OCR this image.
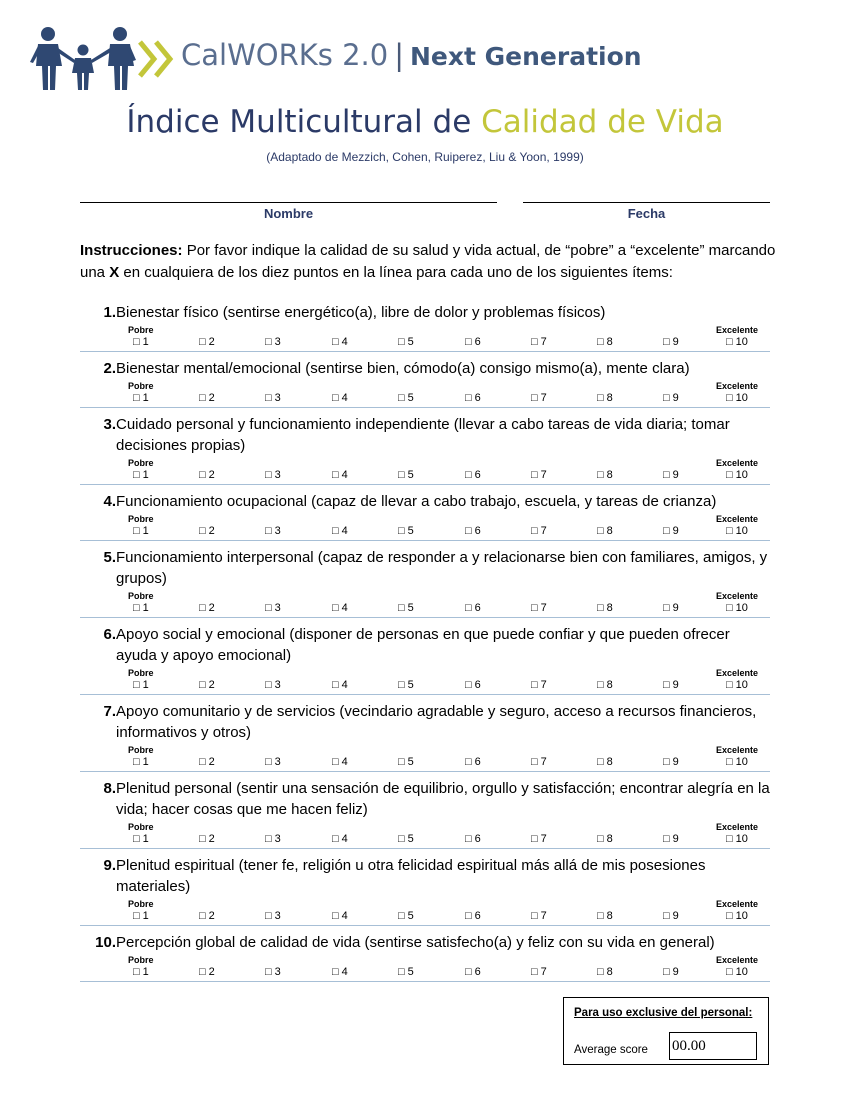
CalWORKs 2.0 | Next Generation
Índice Multicultural de Calidad de Vida
(Adaptado de Mezzich, Cohen, Ruiperez, Liu & Yoon, 1999)
Nombre	Fecha
Instrucciones: Por favor indique la calidad de su salud y vida actual, de “pobre” a “excelente” marcando una X en cualquiera de los diez puntos en la línea para cada uno de los siguientes ítems:
1. Bienestar físico (sentirse energético(a), libre de dolor y problemas físicos)
Pobre	Excelente
□ 1	□ 2	□ 3	□ 4	□ 5	□ 6	□ 7	□ 8	□ 9	□ 10
2. Bienestar mental/emocional (sentirse bien, cómodo(a) consigo mismo(a), mente clara)
Pobre	Excelente
□ 1	□ 2	□ 3	□ 4	□ 5	□ 6	□ 7	□ 8	□ 9	□ 10
3. Cuidado personal y funcionamiento independiente (llevar a cabo tareas de vida diaria; tomar decisiones propias)
Pobre	Excelente
□ 1	□ 2	□ 3	□ 4	□ 5	□ 6	□ 7	□ 8	□ 9	□ 10
4. Funcionamiento ocupacional (capaz de llevar a cabo trabajo, escuela, y tareas de crianza)
Pobre	Excelente
□ 1	□ 2	□ 3	□ 4	□ 5	□ 6	□ 7	□ 8	□ 9	□ 10
5. Funcionamiento interpersonal (capaz de responder a y relacionarse bien con familiares, amigos, y grupos)
Pobre	Excelente
□ 1	□ 2	□ 3	□ 4	□ 5	□ 6	□ 7	□ 8	□ 9	□ 10
6. Apoyo social y emocional (disponer de personas en que puede confiar y que pueden ofrecer ayuda y apoyo emocional)
Pobre	Excelente
□ 1	□ 2	□ 3	□ 4	□ 5	□ 6	□ 7	□ 8	□ 9	□ 10
7. Apoyo comunitario y de servicios (vecindario agradable y seguro, acceso a recursos financieros, informativos y otros)
Pobre	Excelente
□ 1	□ 2	□ 3	□ 4	□ 5	□ 6	□ 7	□ 8	□ 9	□ 10
8. Plenitud personal (sentir una sensación de equilibrio, orgullo y satisfacción; encontrar alegría en la vida; hacer cosas que me hacen feliz)
Pobre	Excelente
□ 1	□ 2	□ 3	□ 4	□ 5	□ 6	□ 7	□ 8	□ 9	□ 10
9. Plenitud espiritual (tener fe, religión u otra felicidad espiritual más allá de mis posesiones materiales)
Pobre	Excelente
□ 1	□ 2	□ 3	□ 4	□ 5	□ 6	□ 7	□ 8	□ 9	□ 10
10. Percepción global de calidad de vida (sentirse satisfecho(a) y feliz con su vida en general)
Pobre	Excelente
□ 1	□ 2	□ 3	□ 4	□ 5	□ 6	□ 7	□ 8	□ 9	□ 10
Para uso exclusive del personal:
Average score 00.00
